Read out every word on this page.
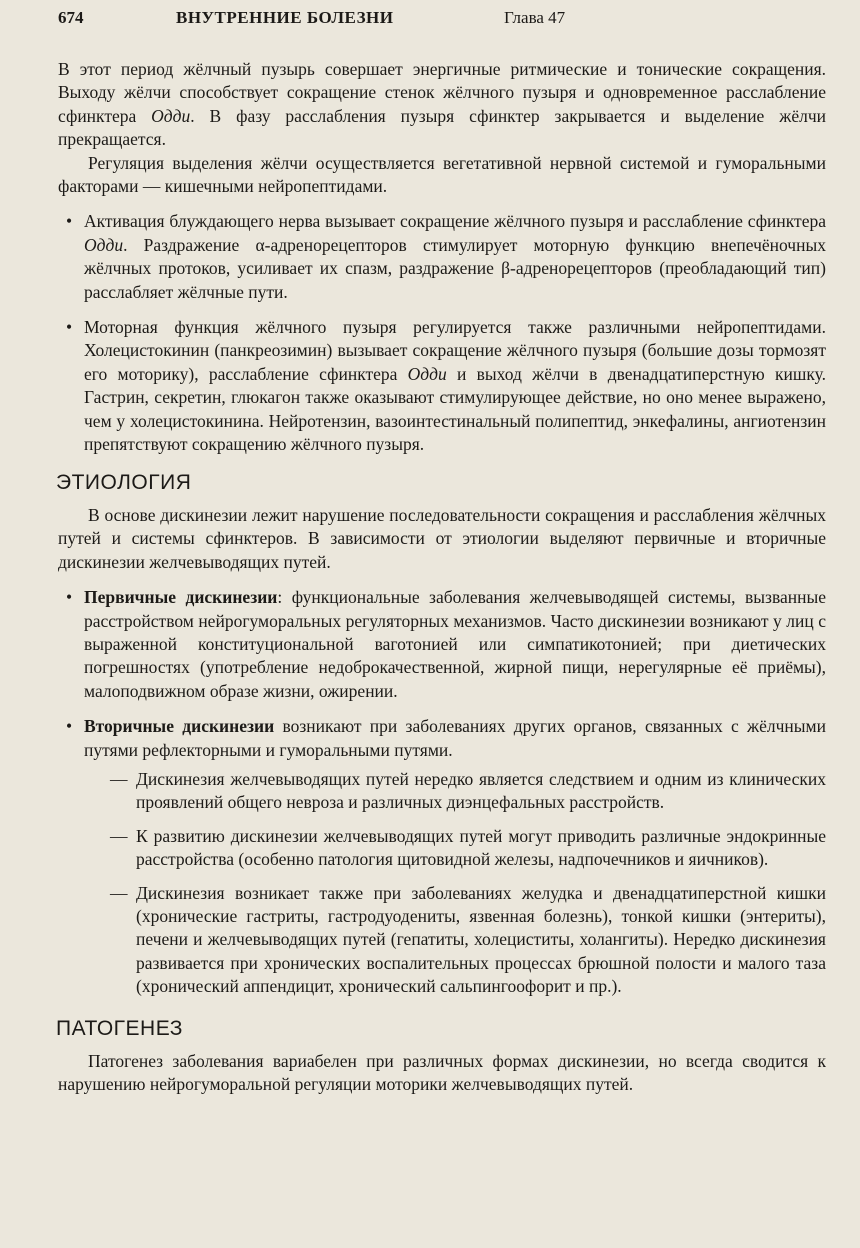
674	ВНУТРЕННИЕ БОЛЕЗНИ	Глава 47

В этот период жёлчный пузырь совершает энергичные ритмические и тонические сокращения. Выходу жёлчи способствует сокращение стенок жёлчного пузыря и одновременное расслабление сфинктера Одди. В фазу расслабления пузыря сфинктер закрывается и выделение жёлчи прекращается.

Регуляция выделения жёлчи осуществляется вегетативной нервной системой и гуморальными факторами — кишечными нейропептидами.

• Активация блуждающего нерва вызывает сокращение жёлчного пузыря и расслабление сфинктера Одди. Раздражение α-адренорецепторов стимулирует моторную функцию внепечёночных жёлчных протоков, усиливает их спазм, раздражение β-адренорецепторов (преобладающий тип) расслабляет жёлчные пути.
• Моторная функция жёлчного пузыря регулируется также различными нейропептидами. Холецистокинин (панкреозимин) вызывает сокращение жёлчного пузыря (большие дозы тормозят его моторику), расслабление сфинктера Одди и выход жёлчи в двенадцатиперстную кишку. Гастрин, секретин, глюкагон также оказывают стимулирующее действие, но оно менее выражено, чем у холецистокинина. Нейротензин, вазоинтестинальный полипептид, энкефалины, ангиотензин препятствуют сокращению жёлчного пузыря.
ЭТИОЛОГИЯ

В основе дискинезии лежит нарушение последовательности сокращения и расслабления жёлчных путей и системы сфинктеров. В зависимости от этиологии выделяют первичные и вторичные дискинезии желчевыводящих путей.

• Первичные дискинезии: функциональные заболевания желчевыводящей системы, вызванные расстройством нейрогуморальных регуляторных механизмов. Часто дискинезии возникают у лиц с выраженной конституциональной ваготонией или симпатикотонией; при диетических погрешностях (употребление недоброкачественной, жирной пищи, нерегулярные её приёмы), малоподвижном образе жизни, ожирении.
• Вторичные дискинезии возникают при заболеваниях других органов, связанных с жёлчными путями рефлекторными и гуморальными путями.
— Дискинезия желчевыводящих путей нередко является следствием и одним из клинических проявлений общего невроза и различных диэнцефальных расстройств.
— К развитию дискинезии желчевыводящих путей могут приводить различные эндокринные расстройства (особенно патология щитовидной железы, надпочечников и яичников).
— Дискинезия возникает также при заболеваниях желудка и двенадцатиперстной кишки (хронические гастриты, гастродуодениты, язвенная болезнь), тонкой кишки (энтериты), печени и желчевыводящих путей (гепатиты, холециститы, холангиты). Нередко дискинезия развивается при хронических воспалительных процессах брюшной полости и малого таза (хронический аппендицит, хронический сальпингоофорит и пр.).
ПАТОГЕНЕЗ

Патогенез заболевания вариабелен при различных формах дискинезии, но всегда сводится к нарушению нейрогуморальной регуляции моторики желчевыводящих путей.
